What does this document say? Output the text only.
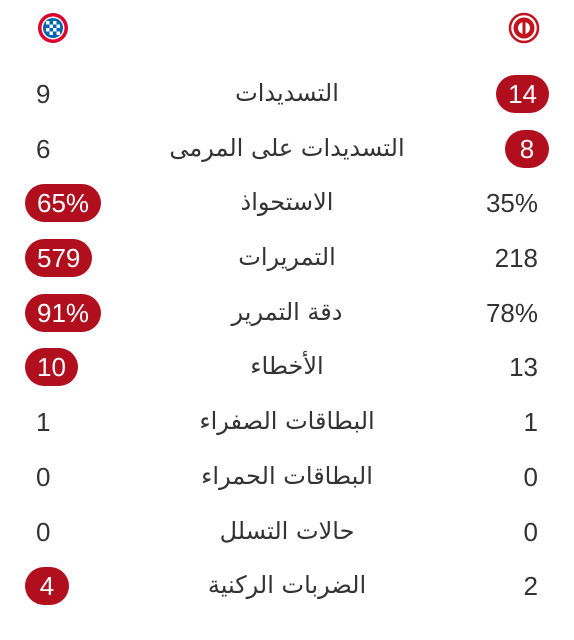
9	التسديدات	14
6	التسديدات على المرمى	8
65%	الاستحواذ	35%
579	التمريرات	218
91%	دقة التمرير	78%
10	الأخطاء	13
1	البطاقات الصفراء	1
0	البطاقات الحمراء	0
0	حالات التسلل	0
4	الضربات الركنية	2
